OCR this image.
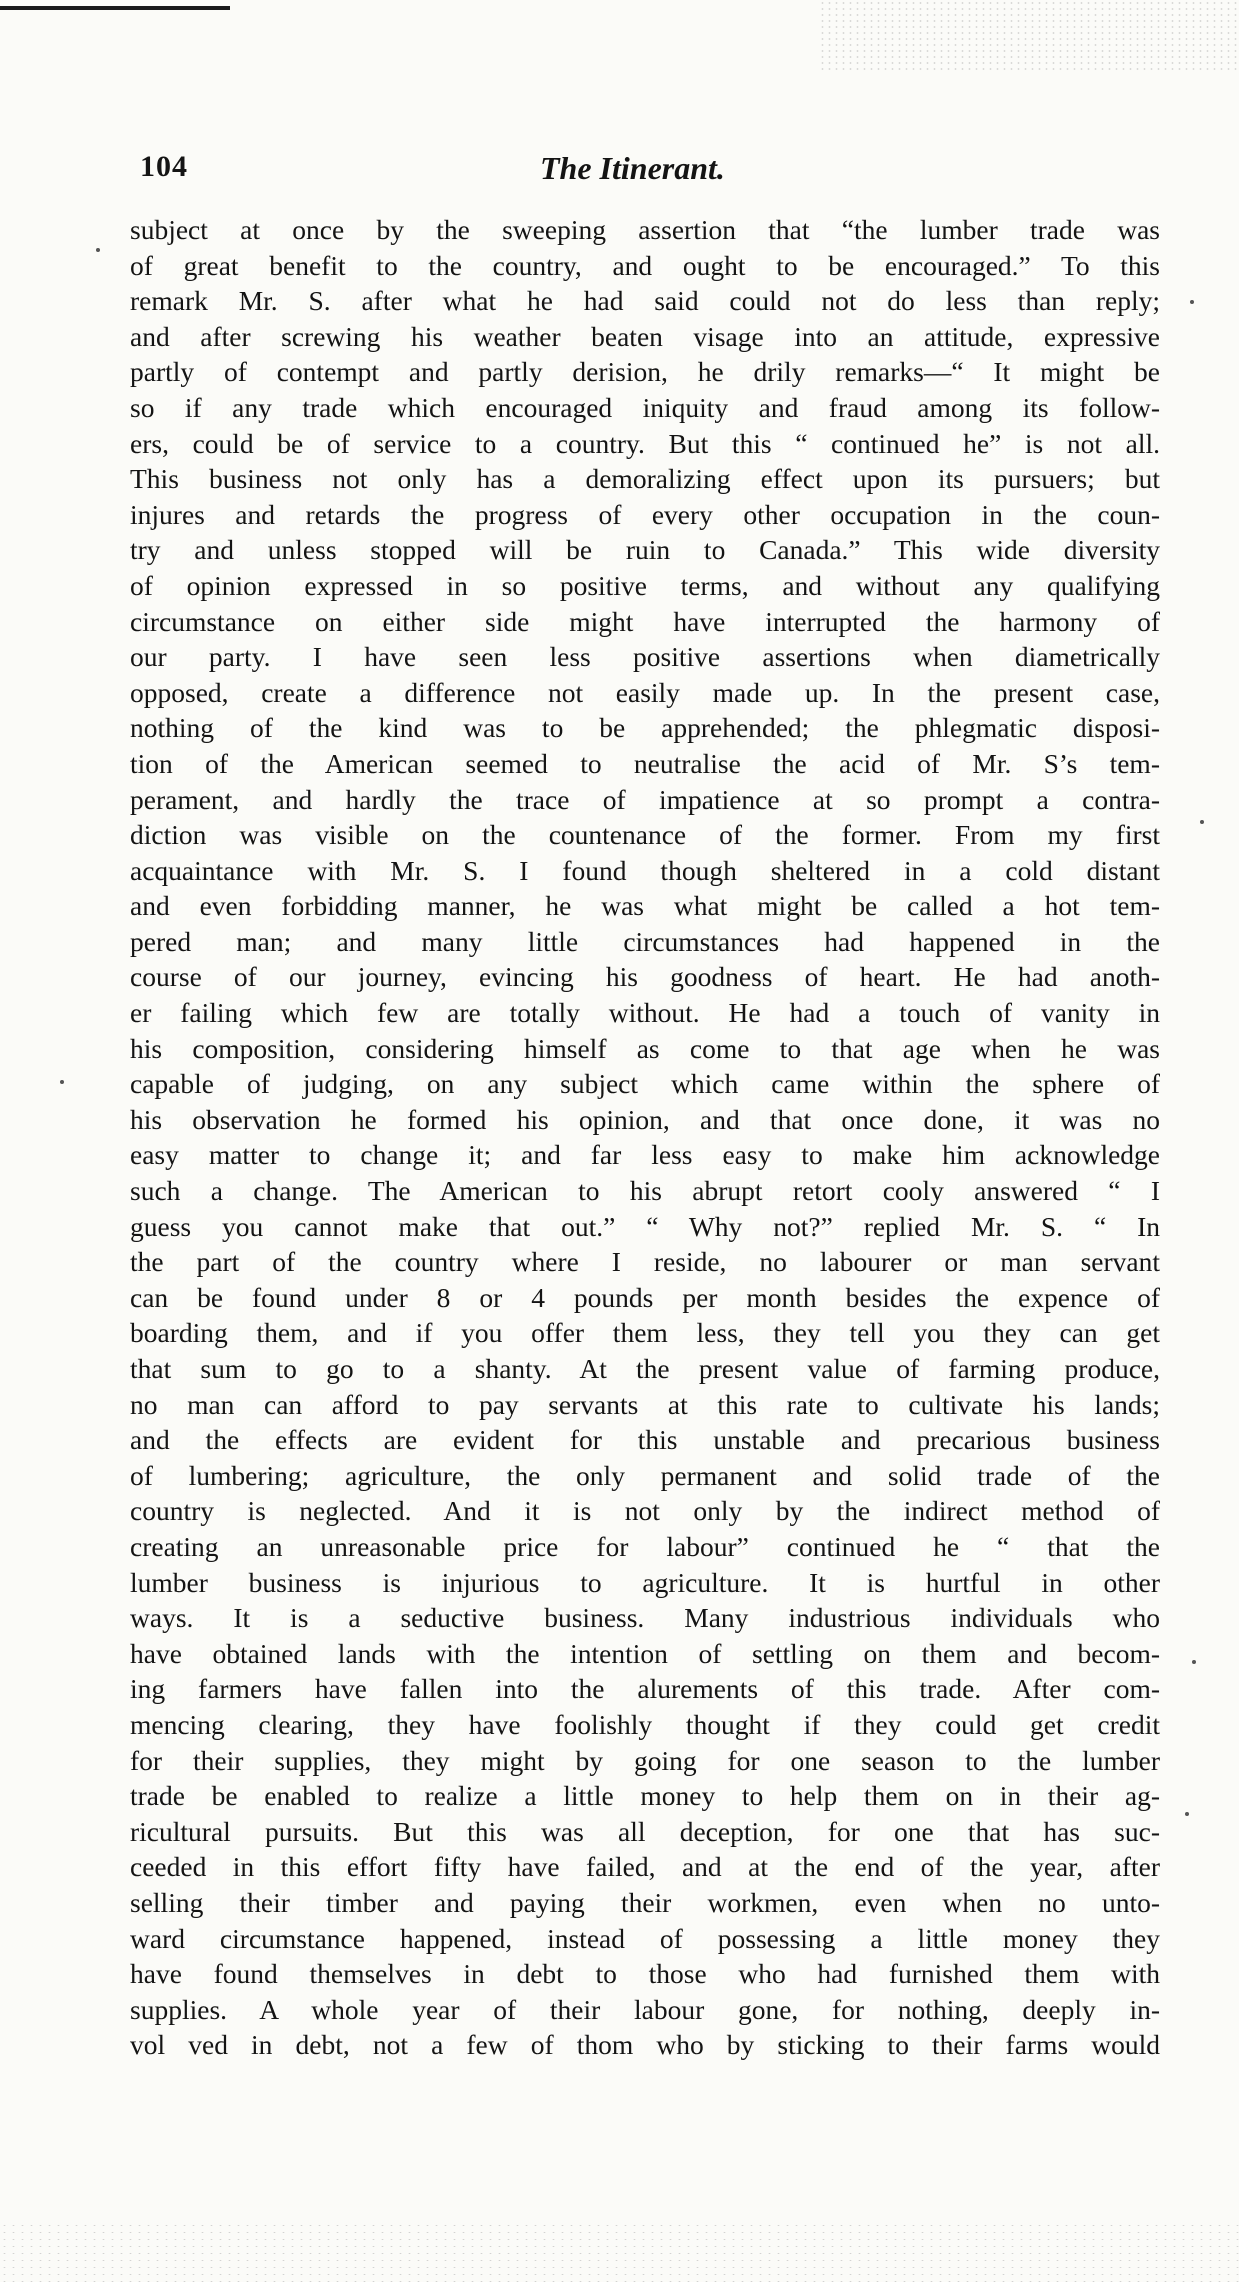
104	The Itinerant.
subject at once by the sweeping assertion that “the lumber trade was
of great benefit to the country, and ought to be encouraged.” To this
remark Mr. S. after what he had said could not do less than reply;
and after screwing his weather beaten visage into an attitude, expressive
partly of contempt and partly derision, he drily remarks—“ It might be
so if any trade which encouraged iniquity and fraud among its follow-
ers, could be of service to a country. But this “ continued he” is not all.
This business not only has a demoralizing effect upon its pursuers; but
injures and retards the progress of every other occupation in the coun-
try and unless stopped will be ruin to Canada.” This wide diversity
of opinion expressed in so positive terms, and without any qualifying
circumstance on either side might have interrupted the harmony of
our party. I have seen less positive assertions when diametrically
opposed, create a difference not easily made up. In the present case,
nothing of the kind was to be apprehended; the phlegmatic disposi-
tion of the American seemed to neutralise the acid of Mr. S’s tem-
perament, and hardly the trace of impatience at so prompt a contra-
diction was visible on the countenance of the former. From my first
acquaintance with Mr. S. I found though sheltered in a cold distant
and even forbidding manner, he was what might be called a hot tem-
pered man; and many little circumstances had happened in the
course of our journey, evincing his goodness of heart. He had anoth-
er failing which few are totally without. He had a touch of vanity in
his composition, considering himself as come to that age when he was
capable of judging, on any subject which came within the sphere of
his observation he formed his opinion, and that once done, it was no
easy matter to change it; and far less easy to make him acknowledge
such a change. The American to his abrupt retort cooly answered “ I
guess you cannot make that out.” “ Why not?” replied Mr. S. “ In
the part of the country where I reside, no labourer or man servant
can be found under 8 or 4 pounds per month besides the expence of
boarding them, and if you offer them less, they tell you they can get
that sum to go to a shanty. At the present value of farming produce,
no man can afford to pay servants at this rate to cultivate his lands;
and the effects are evident for this unstable and precarious business
of lumbering; agriculture, the only permanent and solid trade of the
country is neglected. And it is not only by the indirect method of
creating an unreasonable price for labour” continued he “ that the
lumber business is injurious to agriculture. It is hurtful in other
ways. It is a seductive business. Many industrious individuals who
have obtained lands with the intention of settling on them and becom-
ing farmers have fallen into the alurements of this trade. After com-
mencing clearing, they have foolishly thought if they could get credit
for their supplies, they might by going for one season to the lumber
trade be enabled to realize a little money to help them on in their ag-
ricultural pursuits. But this was all deception, for one that has suc-
ceeded in this effort fifty have failed, and at the end of the year, after
selling their timber and paying their workmen, even when no unto-
ward circumstance happened, instead of possessing a little money they
have found themselves in debt to those who had furnished them with
supplies. A whole year of their labour gone, for nothing, deeply in-
vol ved in debt, not a few of thom who by sticking to their farms would
